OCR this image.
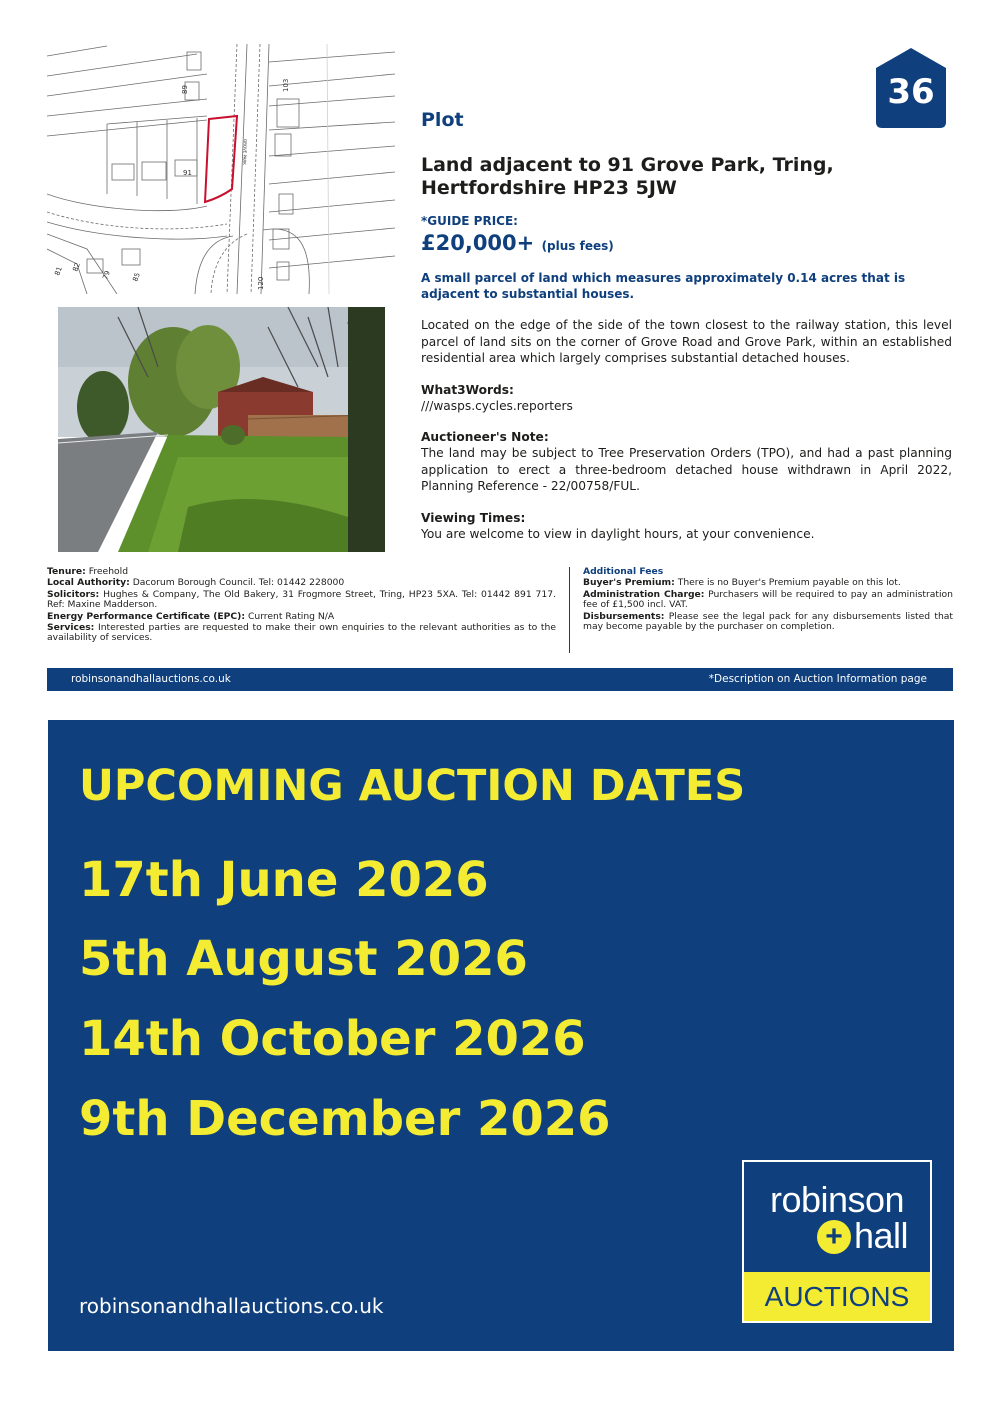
91
89	103
120
79
81 82
85
GROVE PARK
36
Plot
Land adjacent to 91 Grove Park, Tring,
Hertfordshire HP23 5JW
*GUIDE PRICE:
£20,000+ (plus fees)
A small parcel of land which measures approximately 0.14 acres that is adjacent to substantial houses.
Located on the edge of the side of the town closest to the railway station, this level parcel of land sits on the corner of Grove Road and Grove Park, within an established residential area which largely comprises substantial detached houses.
What3Words:
///wasps.cycles.reporters
Auctioneer's Note:
The land may be subject to Tree Preservation Orders (TPO), and had a past planning application to erect a three-bedroom detached house withdrawn in April 2022, Planning Reference - 22/00758/FUL.
Viewing Times:
You are welcome to view in daylight hours, at your convenience.
Tenure: Freehold
Local Authority: Dacorum Borough Council. Tel: 01442 228000
Solicitors: Hughes & Company, The Old Bakery, 31 Frogmore Street, Tring, HP23 5XA. Tel: 01442 891 717. Ref: Maxine Madderson.
Energy Performance Certificate (EPC): Current Rating N/A
Services: Interested parties are requested to make their own enquiries to the relevant authorities as to the availability of services.
Additional Fees
Buyer's Premium: There is no Buyer's Premium payable on this lot.
Administration Charge: Purchasers will be required to pay an administration fee of £1,500 incl. VAT.
Disbursements: Please see the legal pack for any disbursements listed that may become payable by the purchaser on completion.
robinsonandhallauctions.co.uk	*Description on Auction Information page
UPCOMING AUCTION DATES
17th June 2026
5th August 2026
14th October 2026
9th December 2026
robinsonandhallauctions.co.uk
robinson
+ hall
AUCTIONS
